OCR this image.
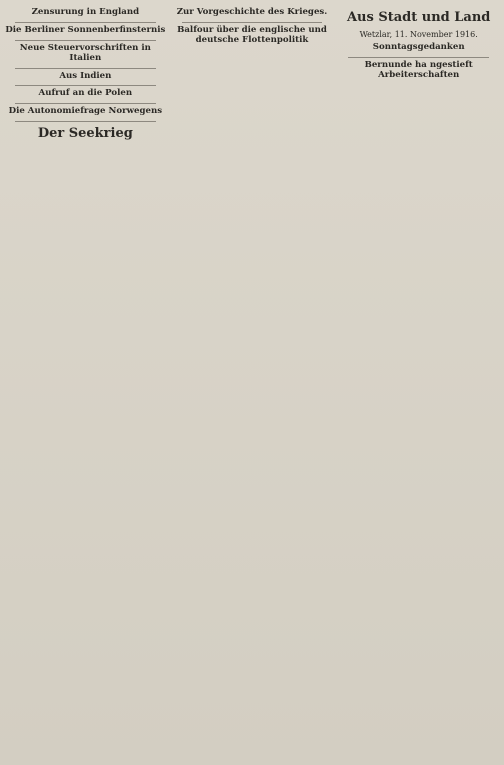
Zensurung in England
Die Berliner Sonnenberfinsternis
Neue Steuervorschriften in Italien
Aus Indien
Aufruf an die Polen
Die Autonomiefrage Norwegens
Der Seekrieg
Zur Vorgeschichte des Krieges.
Balfour über die englische und deutsche Flottenpolitik
Aus Stadt und Land
Wetzlar, 11. November 1916.
Sonntagsgedanken
Bernunde ha ngestieft Arbeiterschaften
